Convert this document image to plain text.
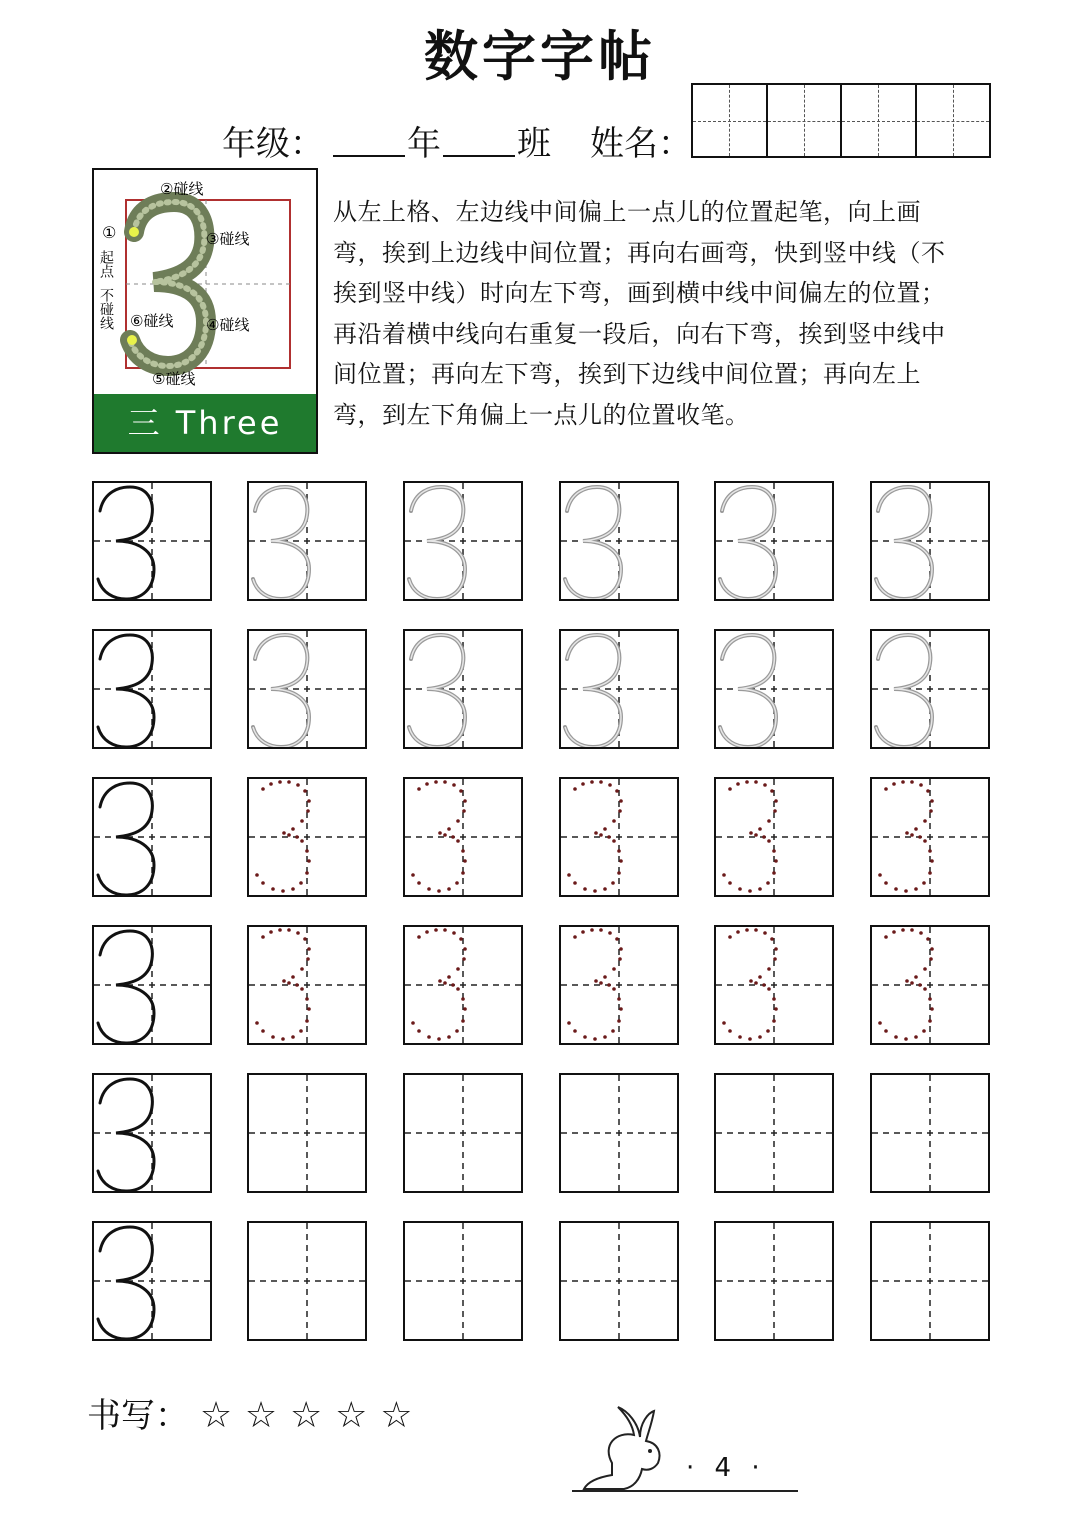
数字字帖
年级： 年 班 姓名：
②碰线
③碰线
④碰线
⑤碰线
⑥碰线
①
起点
不碰线
三 Three
从左上格、左边线中间偏上一点儿的位置起笔，向上画
弯，挨到上边线中间位置；再向右画弯，快到竖中线（不
挨到竖中线）时向左下弯，画到横中线中间偏左的位置；
再沿着横中线向右重复一段后，向右下弯，挨到竖中线中
间位置；再向左下弯，挨到下边线中间位置；再向左上
弯，到左下角偏上一点儿的位置收笔。
书写： ☆ ☆ ☆ ☆ ☆
· 4 ·
